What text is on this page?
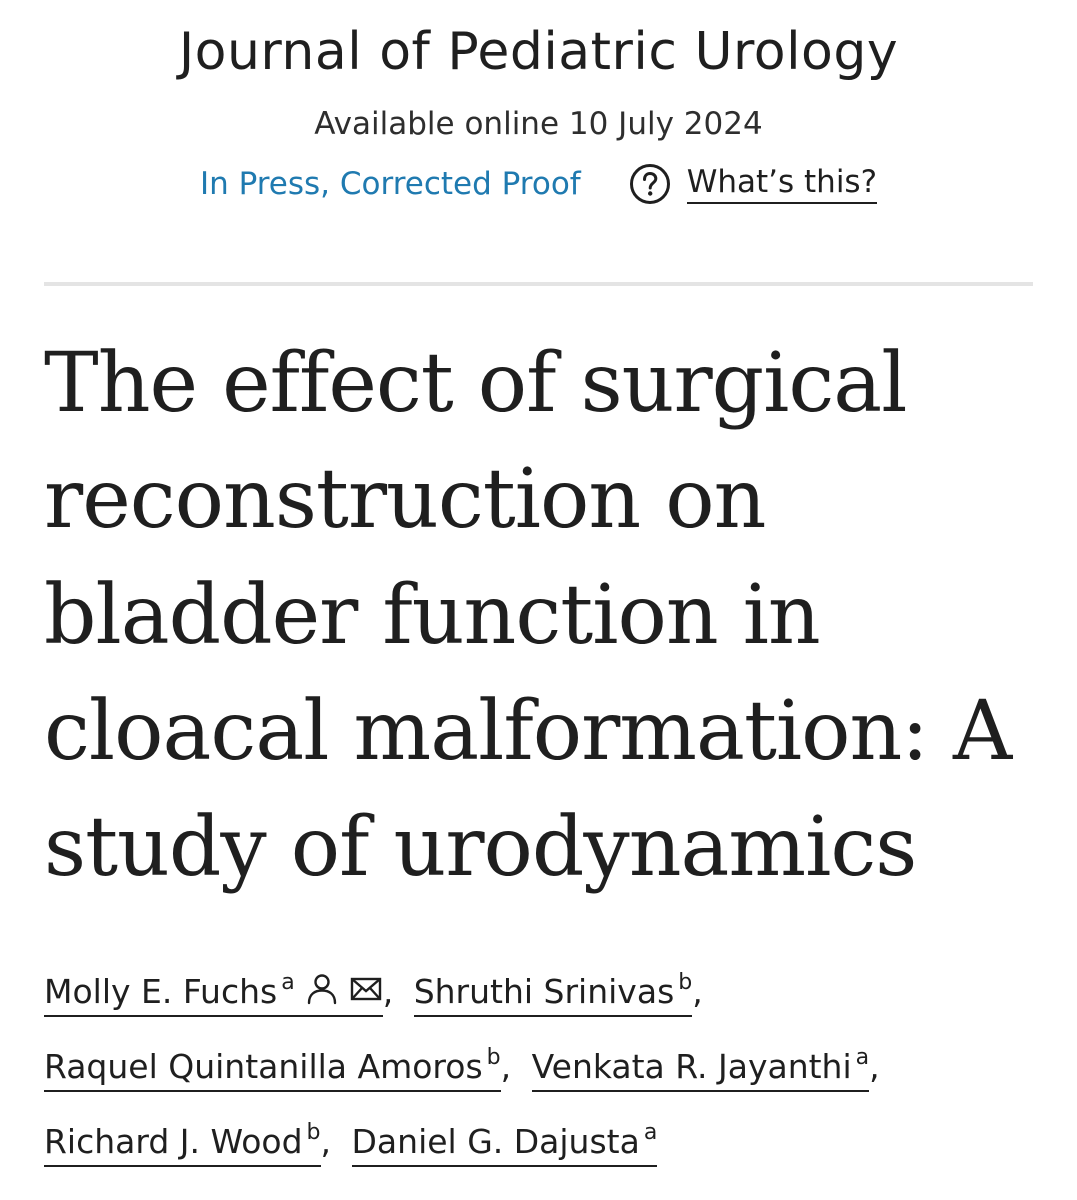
Journal of Pediatric Urology
Available online 10 July 2024
In Press, Corrected Proof	What’s this?
The effect of surgical
reconstruction on
bladder function in
cloacal malformation: A
study of urodynamics
Molly E. Fuchs $^a$	, Shruthi Srinivas $^b$,
Raquel Quintanilla Amoros $^b$, Venkata R. Jayanthi $^a$,
Richard J. Wood $^b$, Daniel G. Dajusta $^a$
